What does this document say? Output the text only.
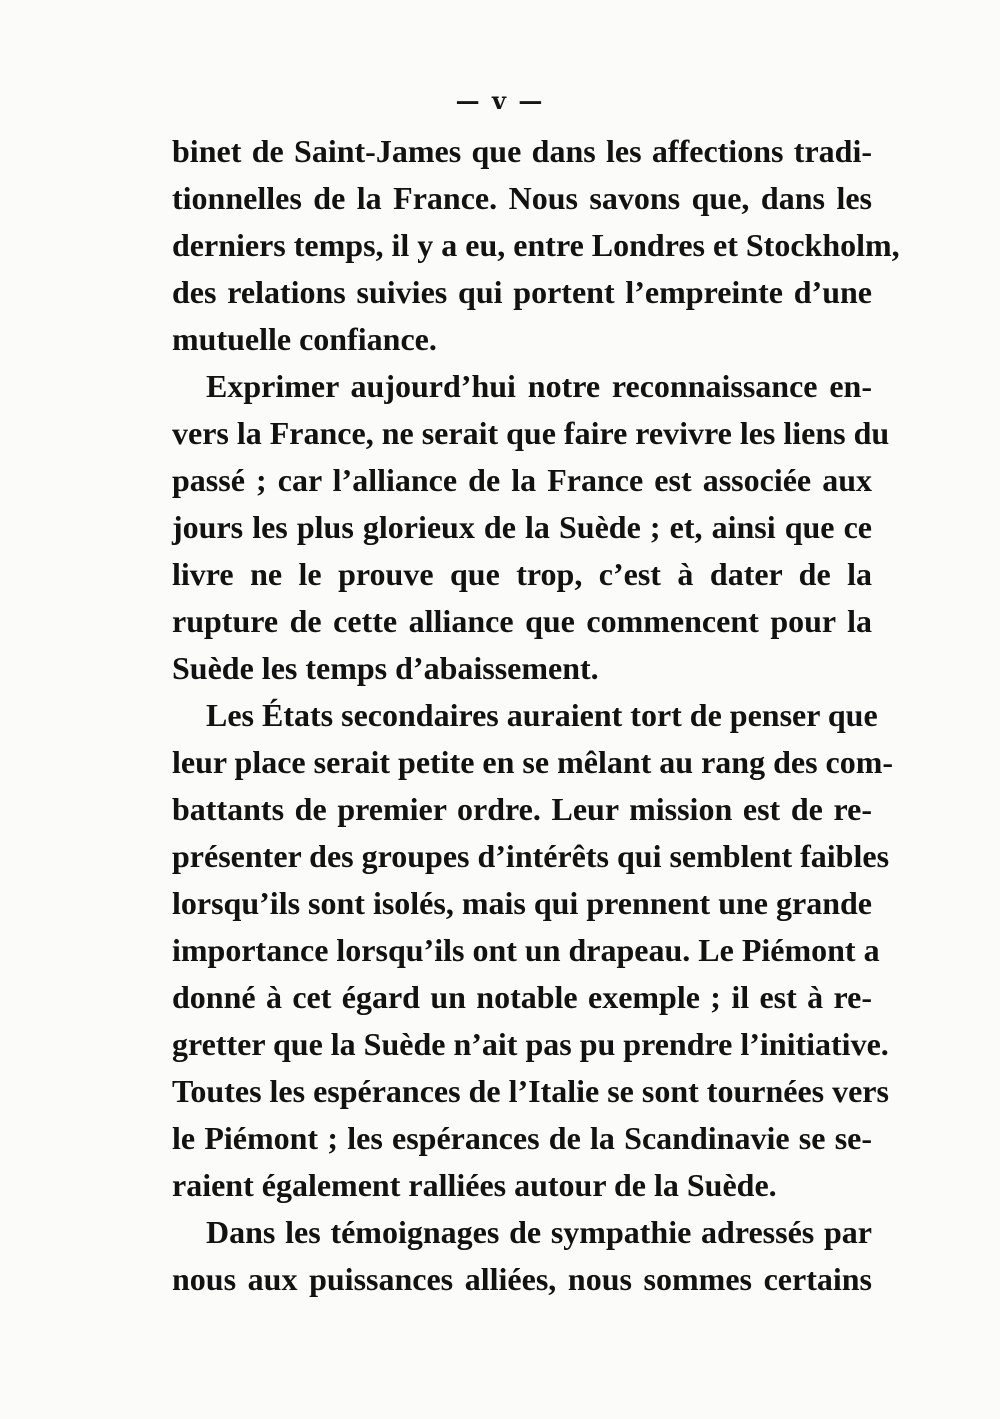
— v —
binet de Saint-James que dans les affections tradi-
tionnelles de la France. Nous savons que, dans les
derniers temps, il y a eu, entre Londres et Stockholm,
des relations suivies qui portent l’empreinte d’une
mutuelle confiance.
Exprimer aujourd’hui notre reconnaissance en-
vers la France, ne serait que faire revivre les liens du
passé ; car l’alliance de la France est associée aux
jours les plus glorieux de la Suède ; et, ainsi que ce
livre ne le prouve que trop, c’est à dater de la
rupture de cette alliance que commencent pour la
Suède les temps d’abaissement.
Les États secondaires auraient tort de penser que
leur place serait petite en se mêlant au rang des com-
battants de premier ordre. Leur mission est de re-
présenter des groupes d’intérêts qui semblent faibles
lorsqu’ils sont isolés, mais qui prennent une grande
importance lorsqu’ils ont un drapeau. Le Piémont a
donné à cet égard un notable exemple ; il est à re-
gretter que la Suède n’ait pas pu prendre l’initiative.
Toutes les espérances de l’Italie se sont tournées vers
le Piémont ; les espérances de la Scandinavie se se-
raient également ralliées autour de la Suède.
Dans les témoignages de sympathie adressés par
nous aux puissances alliées, nous sommes certains
